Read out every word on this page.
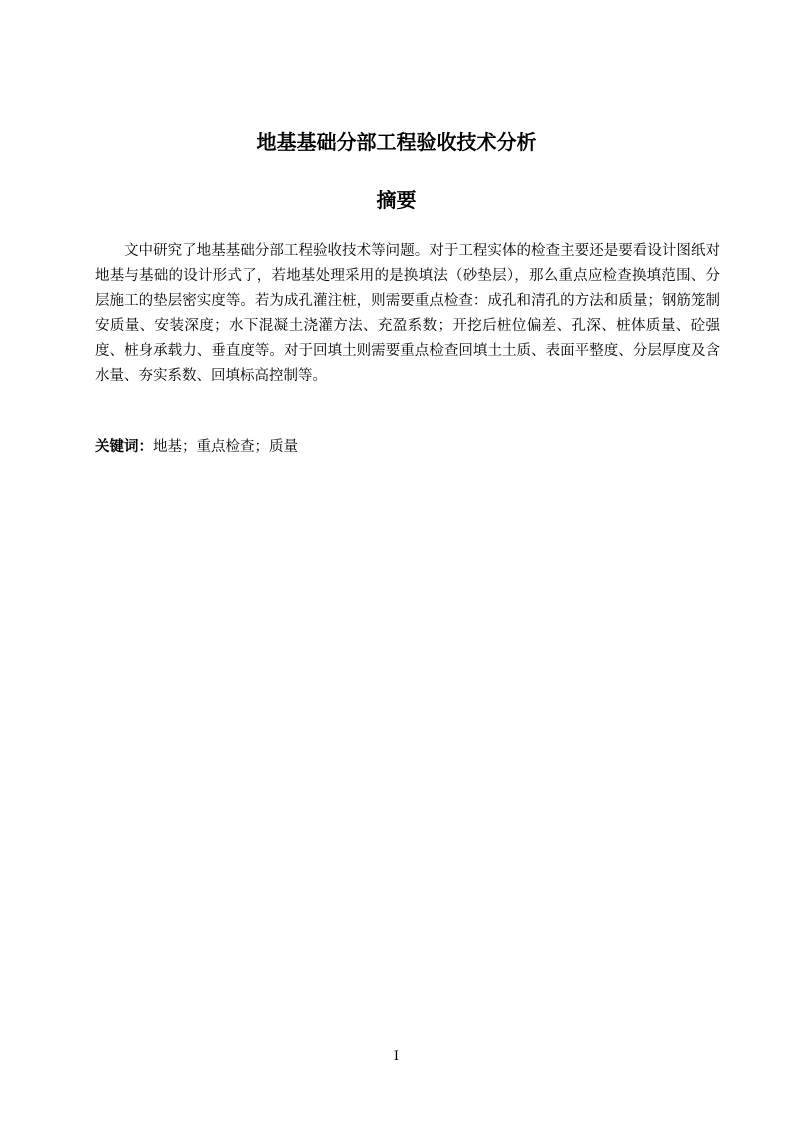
地基基础分部工程验收技术分析
摘要

文中研究了地基基础分部工程验收技术等问题。对于工程实体的检查主要还是要看设计图纸对地基与基础的设计形式了，若地基处理采用的是换填法（砂垫层），那么重点应检查换填范围、分层施工的垫层密实度等。若为成孔灌注桩，则需要重点检查：成孔和清孔的方法和质量；钢筋笼制安质量、安装深度；水下混凝土浇灌方法、充盈系数；开挖后桩位偏差、孔深、桩体质量、砼强度、桩身承载力、垂直度等。对于回填土则需要重点检查回填土土质、表面平整度、分层厚度及含水量、夯实系数、回填标高控制等。

关键词：地基；重点检查；质量

I
